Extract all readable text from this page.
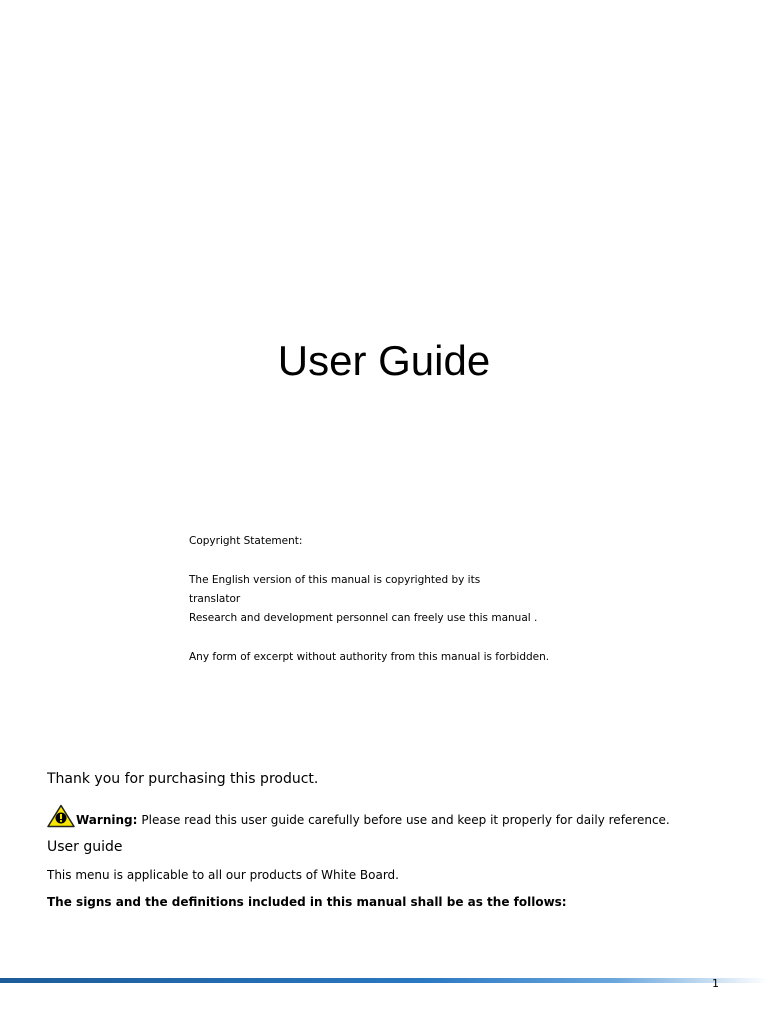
User Guide
Copyright Statement:
The English version of this manual is copyrighted by its
translator
Research and development personnel can freely use this manual .
Any form of excerpt without authority from this manual is forbidden.
Thank you for purchasing this product.
Warning: Please read this user guide carefully before use and keep it properly for daily reference.
User guide
This menu is applicable to all our products of White Board.
The signs and the definitions included in this manual shall be as the follows:
1
